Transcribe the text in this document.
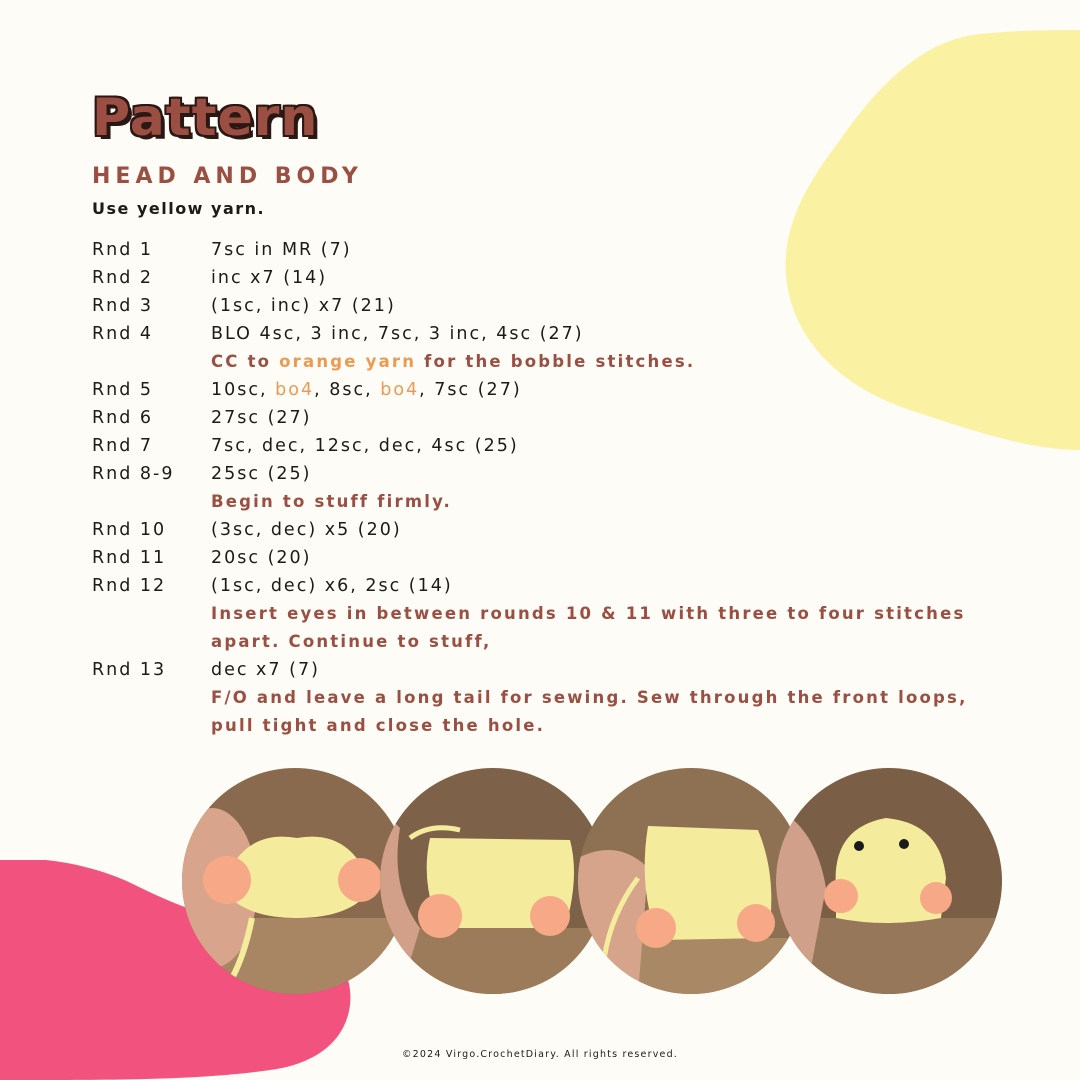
Pattern
HEAD AND BODY
Use yellow yarn.
Rnd 1	7sc in MR (7)
Rnd 2	inc x7 (14)
Rnd 3	(1sc, inc) x7 (21)
Rnd 4	BLO 4sc, 3 inc, 7sc, 3 inc, 4sc (27)
CC to orange yarn for the bobble stitches.
Rnd 5	10sc, bo4, 8sc, bo4, 7sc (27)
Rnd 6	27sc (27)
Rnd 7	7sc, dec, 12sc, dec, 4sc (25)
Rnd 8-9	25sc (25)
Begin to stuff firmly.
Rnd 10	(3sc, dec) x5 (20)
Rnd 11	20sc (20)
Rnd 12	(1sc, dec) x6, 2sc (14)
Insert eyes in between rounds 10 & 11 with three to four stitches apart. Continue to stuff,
Rnd 13	dec x7 (7)
F/O and leave a long tail for sewing. Sew through the front loops, pull tight and close the hole.
©2024 Virgo.CrochetDiary. All rights reserved.
